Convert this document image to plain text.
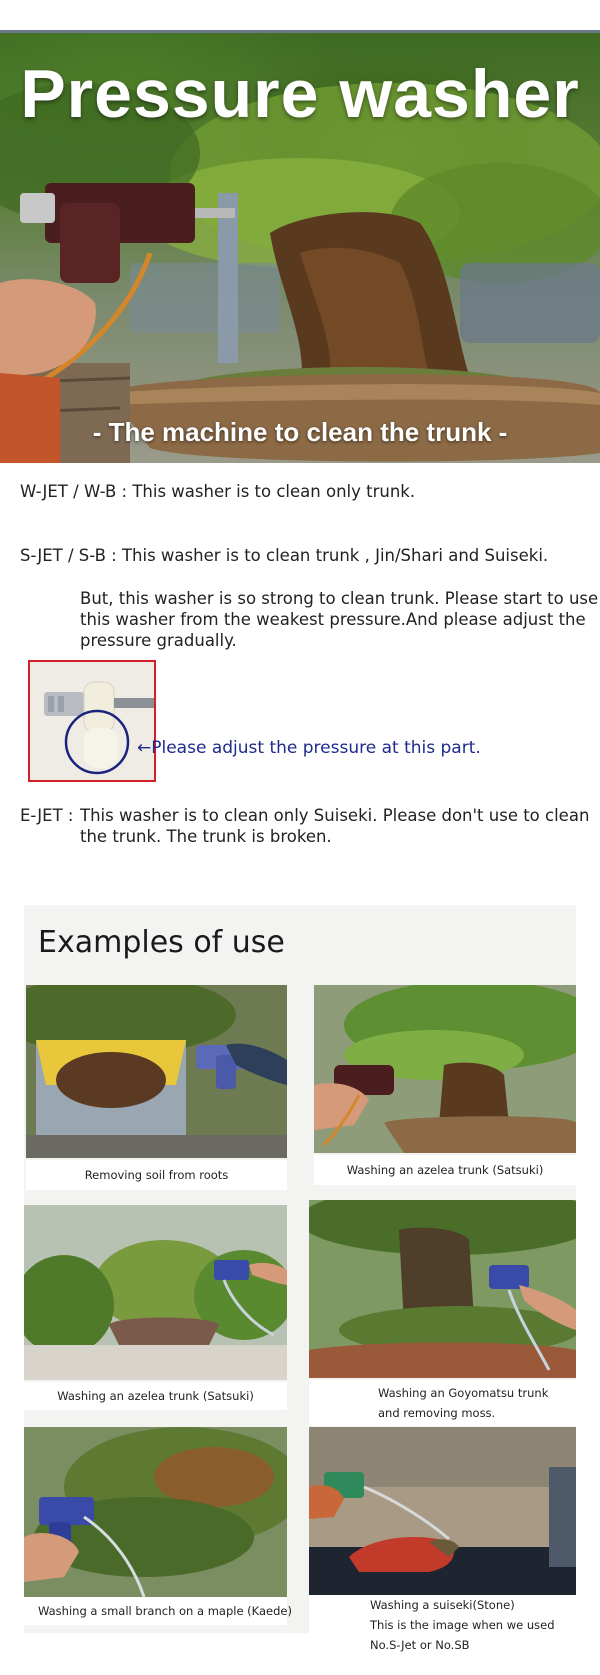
Pressure washer
- The machine to clean the trunk -
W-JET / W-B : This washer is to clean only trunk.
S-JET / S-B : This washer is to clean trunk , Jin/Shari and Suiseki.
But, this washer is so strong to clean trunk. Please start to use
this washer from the weakest pressure.And please adjust the
pressure gradually.
←Please adjust the pressure at this part.
E-JET : This washer is to clean only Suiseki. Please don't use to clean
the trunk. The trunk is broken.
Examples of use
Removing soil from roots	Washing an azelea trunk (Satsuki)
Washing an azelea trunk (Satsuki)	Washing an Goyomatsu trunk
and removing moss.
Washing a small branch on a maple (Kaede)	Washing a suiseki(Stone)
This is the image when we used
No.S-Jet or No.SB
